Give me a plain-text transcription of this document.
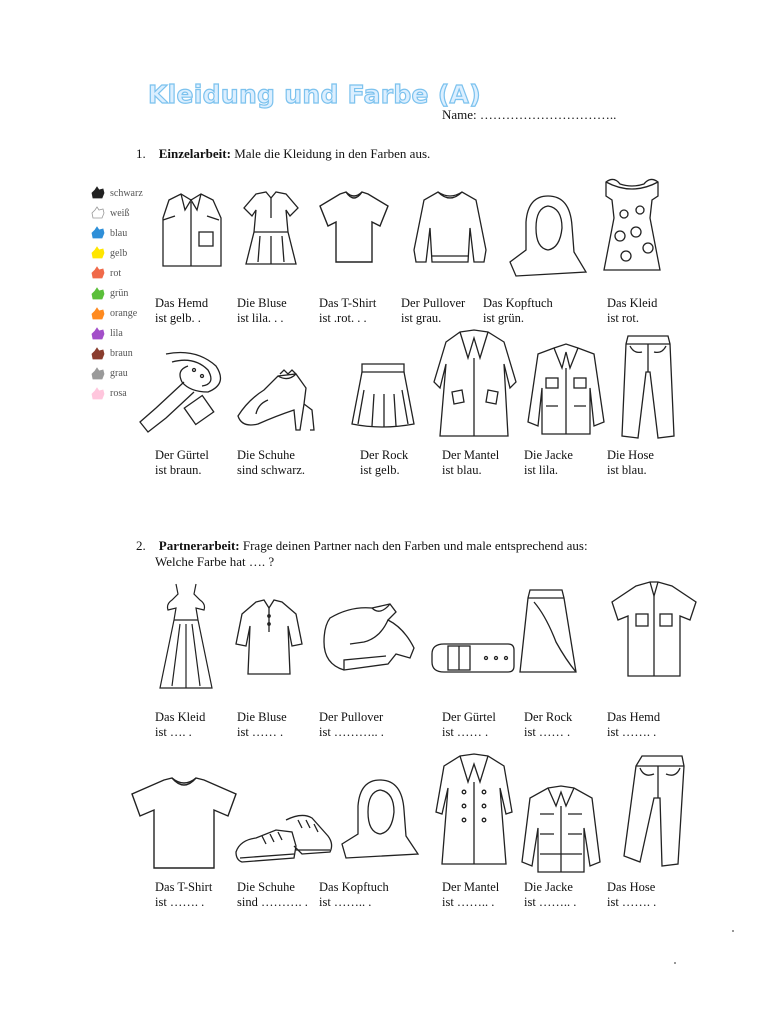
Kleidung und Farbe (A)
Name: …………………………..
1. Einzelarbeit: Male die Kleidung in den Farben aus.
schwarz
weiß
blau
gelb
rot
grün
orange
lila
braun
grau
rosa
Das Hemd
ist gelb. .
Die Bluse
ist lila. . .
Das T-Shirt
ist .rot. . .
Der Pullover
ist grau.
Das Kopftuch
ist grün.
Das Kleid
ist rot.
Der Gürtel
ist braun.
Die Schuhe
sind schwarz.
Der Rock
ist gelb.
Der Mantel
ist blau.
Die Jacke
ist lila.
Die Hose
ist blau.
2. Partnerarbeit: Frage deinen Partner nach den Farben und male entsprechend aus:
Welche Farbe hat …. ?
Das Kleid
ist …. .
Die Bluse
ist …… .
Der Pullover
ist ……….. .
Der Gürtel
ist …… .
Der Rock
ist …… .
Das Hemd
ist ……. .
Das T-Shirt
ist ……. .
Die Schuhe
sind ………. .
Das Kopftuch
ist …….. .
Der Mantel
ist …….. .
Die Jacke
ist …….. .
Das Hose
ist ……. .
